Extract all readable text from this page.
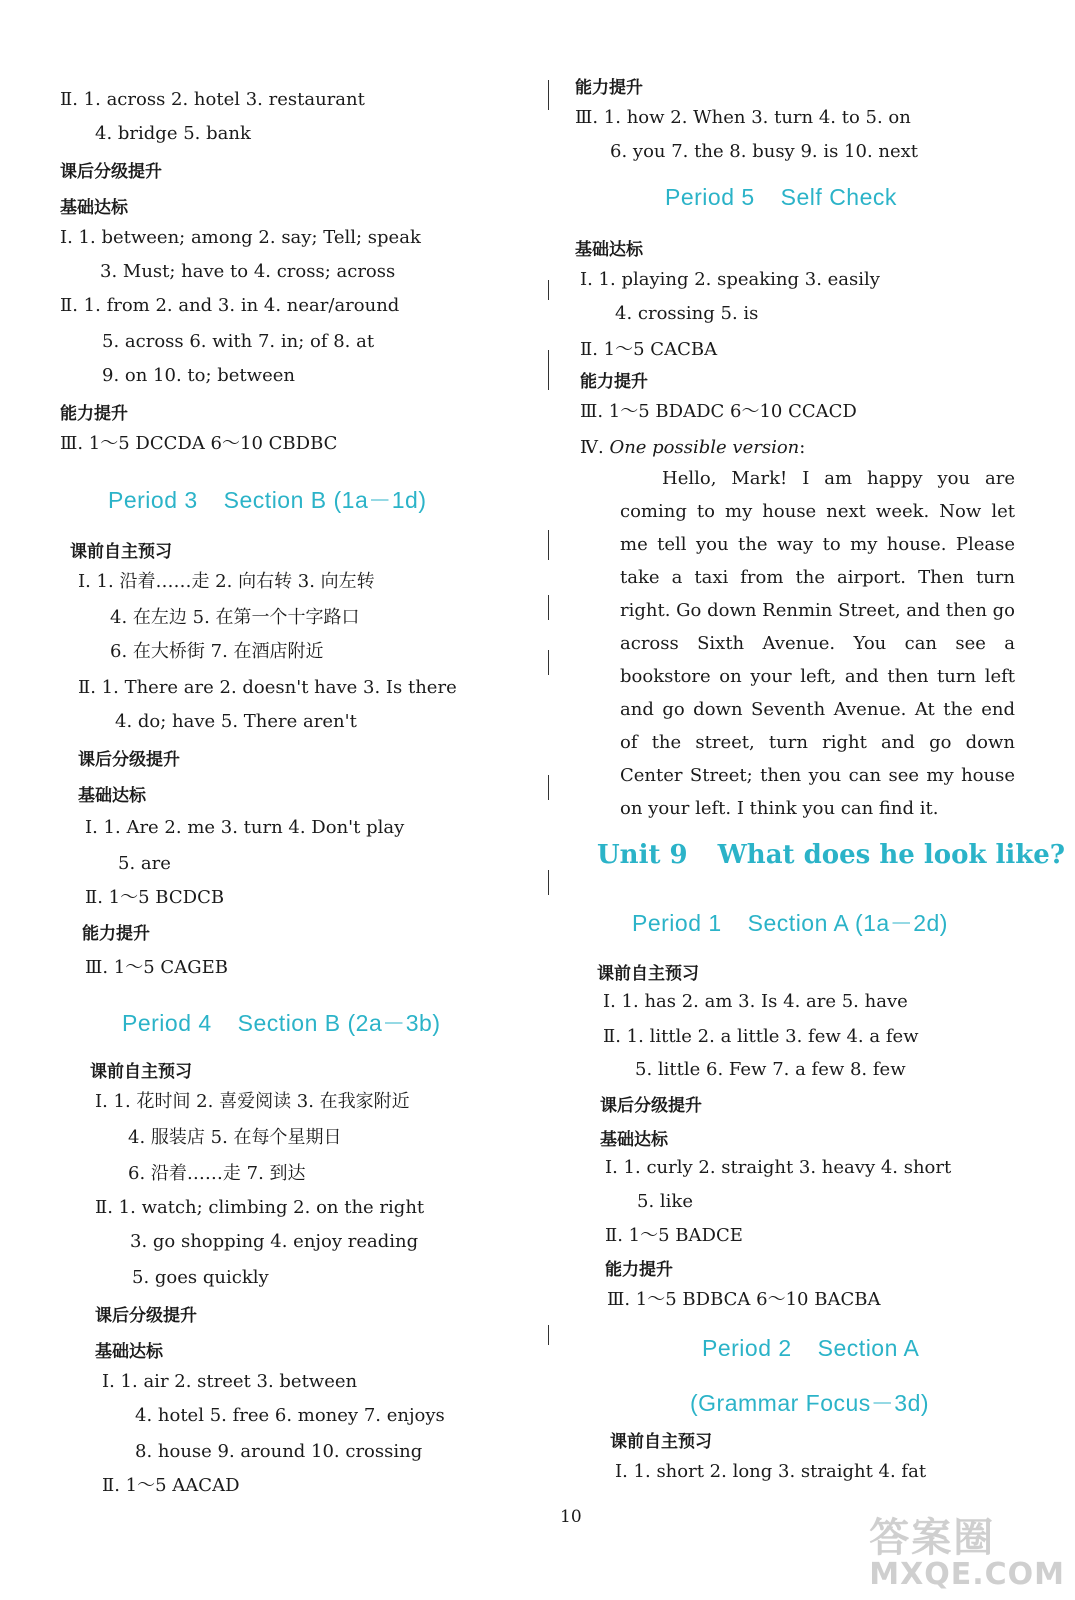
Ⅱ. 1. across 2. hotel 3. restaurant
4. bridge 5. bank
课后分级提升
基础达标
Ⅰ. 1. between; among 2. say; Tell; speak
3. Must; have to 4. cross; across
Ⅱ. 1. from 2. and 3. in 4. near/around
5. across 6. with 7. in; of 8. at
9. on 10. to; between
能力提升
Ⅲ. 1～5 DCCDA 6～10 CBDBC
Period 3 Section B (1a－1d)
课前自主预习
Ⅰ. 1. 沿着……走 2. 向右转 3. 向左转
4. 在左边 5. 在第一个十字路口
6. 在大桥街 7. 在酒店附近
Ⅱ. 1. There are 2. doesn't have 3. Is there
4. do; have 5. There aren't
课后分级提升
基础达标
Ⅰ. 1. Are 2. me 3. turn 4. Don't play
5. are
Ⅱ. 1～5 BCDCB
能力提升
Ⅲ. 1～5 CAGEB
Period 4 Section B (2a－3b)
课前自主预习
Ⅰ. 1. 花时间 2. 喜爱阅读 3. 在我家附近
4. 服装店 5. 在每个星期日
6. 沿着……走 7. 到达
Ⅱ. 1. watch; climbing 2. on the right
3. go shopping 4. enjoy reading
5. goes quickly
课后分级提升
基础达标
Ⅰ. 1. air 2. street 3. between
4. hotel 5. free 6. money 7. enjoys
8. house 9. around 10. crossing
Ⅱ. 1～5 AACAD
能力提升
Ⅲ. 1. how 2. When 3. turn 4. to 5. on
6. you 7. the 8. busy 9. is 10. next
Period 5 Self Check
基础达标
Ⅰ. 1. playing 2. speaking 3. easily
4. crossing 5. is
Ⅱ. 1～5 CACBA
能力提升
Ⅲ. 1～5 BDADC 6～10 CCACD
Ⅳ. One possible version:
Hello, Mark! I am happy you are coming to my house next week. Now let me tell you the way to my house. Please take a taxi from the airport. Then turn right. Go down Renmin Street, and then go across Sixth Avenue. You can see a bookstore on your left, and then turn left and go down Seventh Avenue. At the end of the street, turn right and go down Center Street; then you can see my house on your left. I think you can find it.
Unit 9 What does he look like?
Period 1 Section A (1a－2d)
课前自主预习
Ⅰ. 1. has 2. am 3. Is 4. are 5. have
Ⅱ. 1. little 2. a little 3. few 4. a few
5. little 6. Few 7. a few 8. few
课后分级提升
基础达标
Ⅰ. 1. curly 2. straight 3. heavy 4. short
5. like
Ⅱ. 1～5 BADCE
能力提升
Ⅲ. 1～5 BDBCA 6～10 BACBA
Period 2 Section A
(Grammar Focus－3d)
课前自主预习
Ⅰ. 1. short 2. long 3. straight 4. fat
10	答案圈
MXQE.COM
